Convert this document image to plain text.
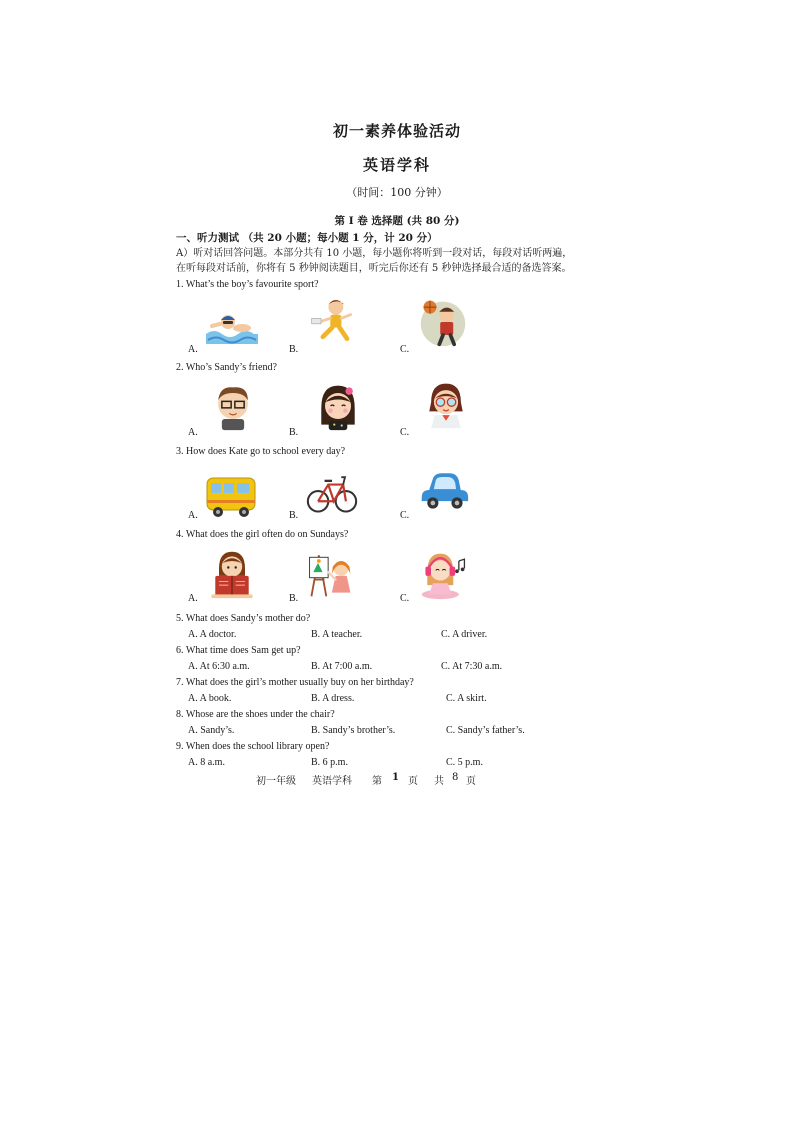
初一素养体验活动
英语学科
（时间：100 分钟）
第 I 卷 选择题 (共 80 分)
一、听力测试 （共 20 小题；每小题 1 分，计 20 分）
A）听对话回答问题。本部分共有 10 小题，每小题你将听到一段对话，每段对话听两遍，
在听每段对话前，你将有 5 秒钟阅读题目，听完后你还有 5 秒钟选择最合适的备选答案。
1. What’s the boy’s favourite sport?
A.	B.	C.
2. Who’s Sandy’s friend?
A.	B.	C.
3. How does Kate go to school every day?
A.	B.	C.
4. What does the girl often do on Sundays?
A.	B.	C.
5. What does Sandy’s mother do?
A. A doctor.	B. A teacher.	C. A driver.
6. What time does Sam get up?
A. At 6:30 a.m.	B. At 7:00 a.m.	C. At 7:30 a.m.
7. What does the girl’s mother usually buy on her birthday?
A. A book.	B. A dress.	C. A skirt.
8. Whose are the shoes under the chair?
A. Sandy’s.	B. Sandy’s brother’s.	C. Sandy’s father’s.
9. When does the school library open?
A. 8 a.m.	B. 6 p.m.	C. 5 p.m.
初一年级 英语学科 第 1 页 共 8 页
